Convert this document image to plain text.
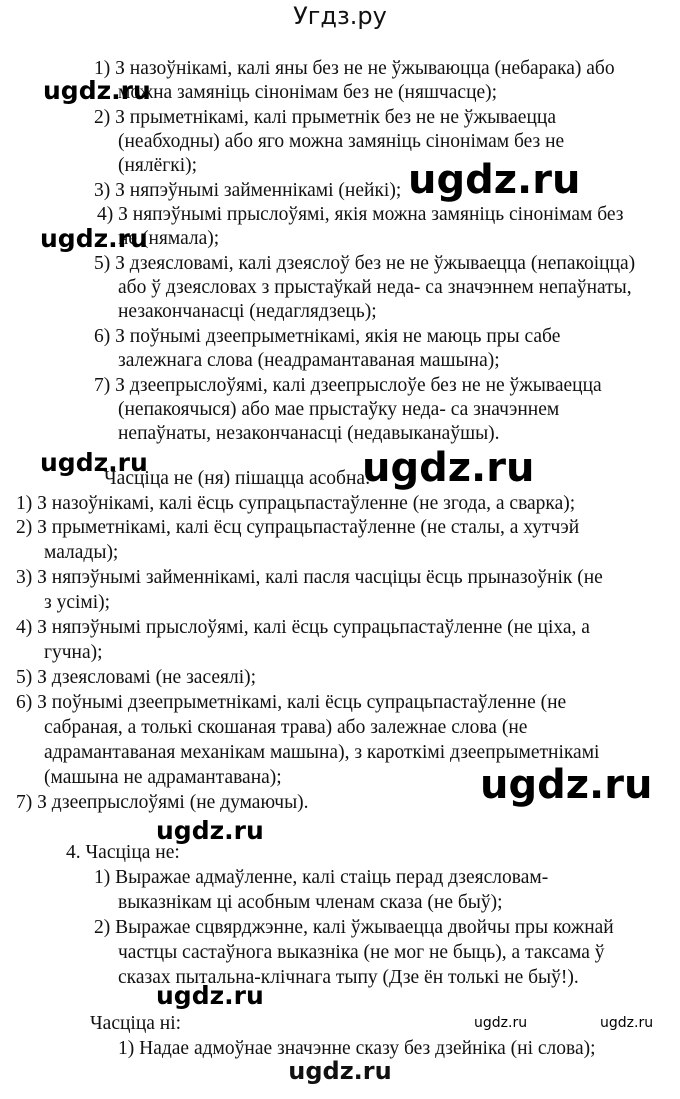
Угдз.ру
1) З назоўнікамі, калі яны без не не ўжываюцца (небарака) або
можна замяніць сінонімам без не (няшчасце);
2) З прыметнікамі, калі прыметнік без не не ўжываецца
(неабходны) або яго можна замяніць сінонімам без не
(нялёгкі);
3) З няпэўнымі займеннікамі (нейкі);
4) З няпэўнымі прыслоўямі, якія можна замяніць сінонімам без
не (нямала);
5) З дзеясловамі, калі дзеяслоў без не не ўжываецца (непакоіцца)
або ў дзеясловах з прыстаўкай неда- са значэннем непаўнаты,
незакончанасці (недаглядзець);
6) З поўнымі дзеепрыметнікамі, якія не маюць пры сабе
залежнага слова (неадрамантаваная машына);
7) З дзеепрыслоўямі, калі дзеепрыслоўе без не не ўжываецца
(непакоячыся) або мае прыстаўку неда- са значэннем
непаўнаты, незакончанасці (недавыканаўшы).
Часціца не (ня) пішацца асобна:
1) З назоўнікамі, калі ёсць супрацьпастаўленне (не згода, а сварка);
2) З прыметнікамі, калі ёсц супрацьпастаўленне (не сталы, а хутчэй
малады);
3) З няпэўнымі займеннікамі, калі пасля часціцы ёсць прыназоўнік (не
з усімі);
4) З няпэўнымі прыслоўямі, калі ёсць супрацьпастаўленне (не ціха, а
гучна);
5) З дзеясловамі (не засеялі);
6) З поўнымі дзеепрыметнікамі, калі ёсць супрацьпастаўленне (не
сабраная, а толькі скошаная трава) або залежнае слова (не
адрамантаваная механікам машына), з кароткімі дзеепрыметнікамі
(машына не адрамантавана);
7) З дзеепрыслоўямі (не думаючы).
4. Часціца не:
1) Выражае адмаўленне, калі стаіць перад дзеясловам-
выказнікам ці асобным членам сказа (не быў);
2) Выражае сцвярджэнне, калі ўжываецца двойчы пры кожнай
частцы састаўнога выказніка (не мог не быць), а таксама ў
сказах пытальна-клічнага тыпу (Дзе ён толькі не быў!).
Часціца ні:
1) Надае адмоўнае значэнне сказу без дзейніка (ні слова);
ugdz.ru
ugdz.ru
ugdz.ru
ugdz.ru	ugdz.ru
ugdz.ru
ugdz.ru
ugdz.ru
ugdz.ru	ugdz.ru
ugdz.ru
